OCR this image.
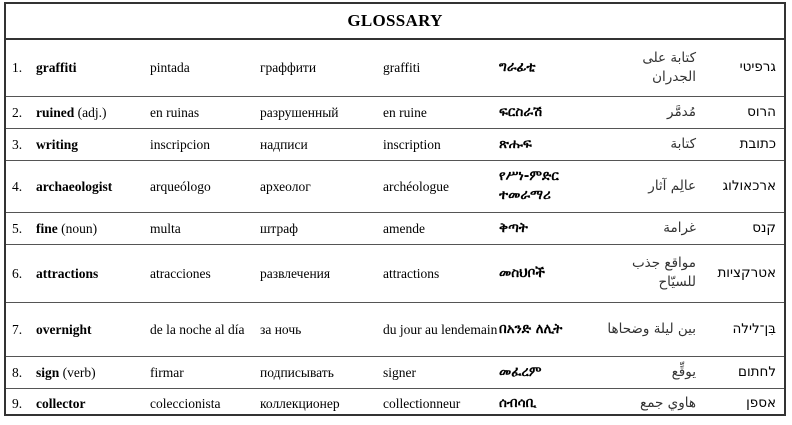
GLOSSARY
1.	graffiti	pintada	граффити	graffiti	ግራፊቲ	كتابة على الجدران	גרפיטי
2.	ruined (adj.)	en ruinas	разрушенный	en ruine	ፍርስራሽ	مُدمَّر	הרוס
3.	writing	inscripcion	надписи	inscription	ጽሑፍ	كتابة	כתובת
4.	archaeologist	arqueólogo	археолог	archéologue	የሥነ-ምድር ተመራማሪ	عالِم آثار	ארכאולוג
5.	fine (noun)	multa	штраф	amende	ቅጣት	غرامة	קנס
6.	attractions	atracciones	развлечения	attractions	መስህቦች	مواقع جذب للسيّاح	אטרקציות
7.	overnight	de la noche al día	за ночь	du jour au lendemain	በአንድ ለሊት	بين ليلة وضحاها	בִּן־לילה
8.	sign (verb)	firmar	подписывать	signer	መፈረም	يوقِّع	לחתום
9.	collector	coleccionista	коллекционер	collectionneur	ሰብሳቢ	هاوي جمع	אספן
